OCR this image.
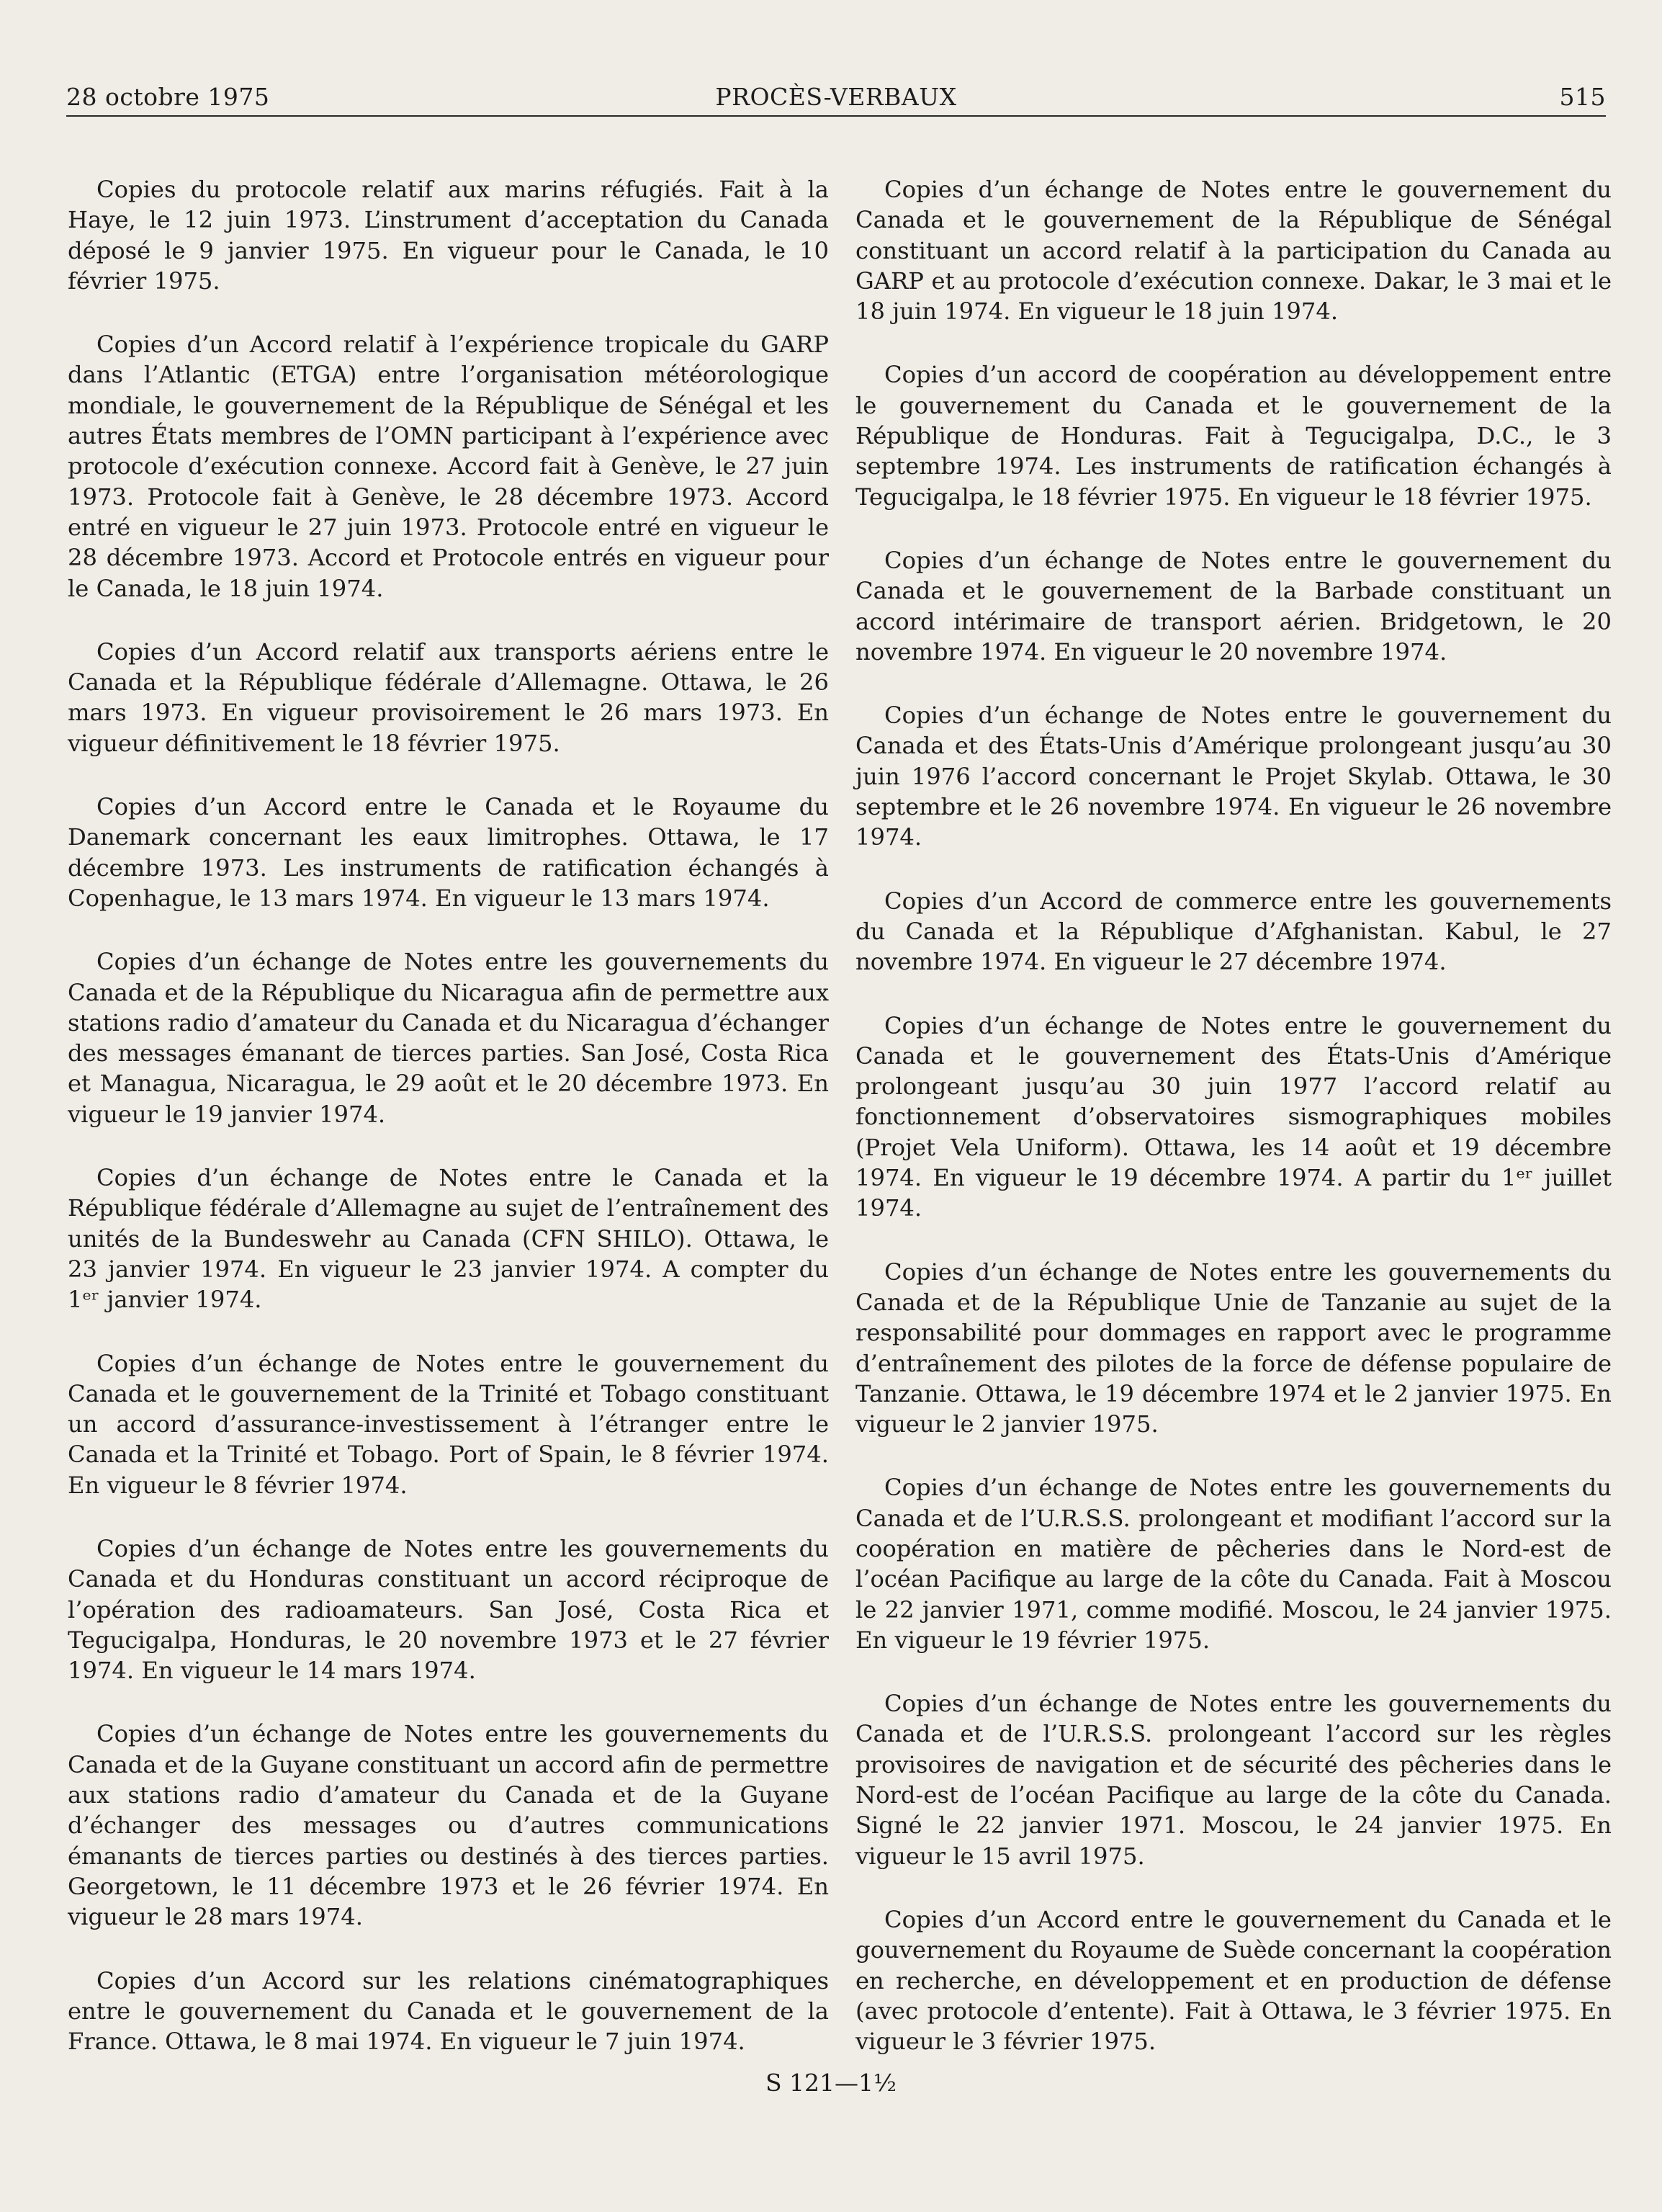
28 octobre 1975	PROCÈS-VERBAUX	515

Copies du protocole relatif aux marins réfugiés. Fait à la Haye, le 12 juin 1973. L’instrument d’acceptation du Canada déposé le 9 janvier 1975. En vigueur pour le Canada, le 10 février 1975.

Copies d’un Accord relatif à l’expérience tropicale du GARP dans l’Atlantic (ETGA) entre l’organisation météorologique mondiale, le gouvernement de la République de Sénégal et les autres États membres de l’OMN participant à l’expérience avec protocole d’exécution connexe. Accord fait à Genève, le 27 juin 1973. Protocole fait à Genève, le 28 décembre 1973. Accord entré en vigueur le 27 juin 1973. Protocole entré en vigueur le 28 décembre 1973. Accord et Protocole entrés en vigueur pour le Canada, le 18 juin 1974.

Copies d’un Accord relatif aux transports aériens entre le Canada et la République fédérale d’Allemagne. Ottawa, le 26 mars 1973. En vigueur provisoirement le 26 mars 1973. En vigueur définitivement le 18 février 1975.

Copies d’un Accord entre le Canada et le Royaume du Danemark concernant les eaux limitrophes. Ottawa, le 17 décembre 1973. Les instruments de ratification échangés à Copenhague, le 13 mars 1974. En vigueur le 13 mars 1974.

Copies d’un échange de Notes entre les gouvernements du Canada et de la République du Nicaragua afin de permettre aux stations radio d’amateur du Canada et du Nicaragua d’échanger des messages émanant de tierces parties. San José, Costa Rica et Managua, Nicaragua, le 29 août et le 20 décembre 1973. En vigueur le 19 janvier 1974.

Copies d’un échange de Notes entre le Canada et la République fédérale d’Allemagne au sujet de l’entraînement des unités de la Bundeswehr au Canada (CFN SHILO). Ottawa, le 23 janvier 1974. En vigueur le 23 janvier 1974. A compter du 1ᵉʳ janvier 1974.

Copies d’un échange de Notes entre le gouvernement du Canada et le gouvernement de la Trinité et Tobago constituant un accord d’assurance-investissement à l’étranger entre le Canada et la Trinité et Tobago. Port of Spain, le 8 février 1974. En vigueur le 8 février 1974.

Copies d’un échange de Notes entre les gouvernements du Canada et du Honduras constituant un accord réciproque de l’opération des radioamateurs. San José, Costa Rica et Tegucigalpa, Honduras, le 20 novembre 1973 et le 27 février 1974. En vigueur le 14 mars 1974.

Copies d’un échange de Notes entre les gouvernements du Canada et de la Guyane constituant un accord afin de permettre aux stations radio d’amateur du Canada et de la Guyane d’échanger des messages ou d’autres communications émanants de tierces parties ou destinés à des tierces parties. Georgetown, le 11 décembre 1973 et le 26 février 1974. En vigueur le 28 mars 1974.

Copies d’un Accord sur les relations cinématographiques entre le gouvernement du Canada et le gouvernement de la France. Ottawa, le 8 mai 1974. En vigueur le 7 juin 1974.

Copies d’un échange de Notes entre le gouvernement du Canada et le gouvernement de la République de Sénégal constituant un accord relatif à la participation du Canada au GARP et au protocole d’exécution connexe. Dakar, le 3 mai et le 18 juin 1974. En vigueur le 18 juin 1974.

Copies d’un accord de coopération au développement entre le gouvernement du Canada et le gouvernement de la République de Honduras. Fait à Tegucigalpa, D.C., le 3 septembre 1974. Les instruments de ratification échangés à Tegucigalpa, le 18 février 1975. En vigueur le 18 février 1975.

Copies d’un échange de Notes entre le gouvernement du Canada et le gouvernement de la Barbade constituant un accord intérimaire de transport aérien. Bridgetown, le 20 novembre 1974. En vigueur le 20 novembre 1974.

Copies d’un échange de Notes entre le gouvernement du Canada et des États-Unis d’Amérique prolongeant jusqu’au 30 juin 1976 l’accord concernant le Projet Skylab. Ottawa, le 30 septembre et le 26 novembre 1974. En vigueur le 26 novembre 1974.

Copies d’un Accord de commerce entre les gouvernements du Canada et la République d’Afghanistan. Kabul, le 27 novembre 1974. En vigueur le 27 décembre 1974.

Copies d’un échange de Notes entre le gouvernement du Canada et le gouvernement des États-Unis d’Amérique prolongeant jusqu’au 30 juin 1977 l’accord relatif au fonctionnement d’observatoires sismographiques mobiles (Projet Vela Uniform). Ottawa, les 14 août et 19 décembre 1974. En vigueur le 19 décembre 1974. A partir du 1ᵉʳ juillet 1974.

Copies d’un échange de Notes entre les gouvernements du Canada et de la République Unie de Tanzanie au sujet de la responsabilité pour dommages en rapport avec le programme d’entraînement des pilotes de la force de défense populaire de Tanzanie. Ottawa, le 19 décembre 1974 et le 2 janvier 1975. En vigueur le 2 janvier 1975.

Copies d’un échange de Notes entre les gouvernements du Canada et de l’U.R.S.S. prolongeant et modifiant l’accord sur la coopération en matière de pêcheries dans le Nord-est de l’océan Pacifique au large de la côte du Canada. Fait à Moscou le 22 janvier 1971, comme modifié. Moscou, le 24 janvier 1975. En vigueur le 19 février 1975.

Copies d’un échange de Notes entre les gouvernements du Canada et de l’U.R.S.S. prolongeant l’accord sur les règles provisoires de navigation et de sécurité des pêcheries dans le Nord-est de l’océan Pacifique au large de la côte du Canada. Signé le 22 janvier 1971. Moscou, le 24 janvier 1975. En vigueur le 15 avril 1975.

Copies d’un Accord entre le gouvernement du Canada et le gouvernement du Royaume de Suède concernant la coopération en recherche, en développement et en production de défense (avec protocole d’entente). Fait à Ottawa, le 3 février 1975. En vigueur le 3 février 1975.

S 121—1½
